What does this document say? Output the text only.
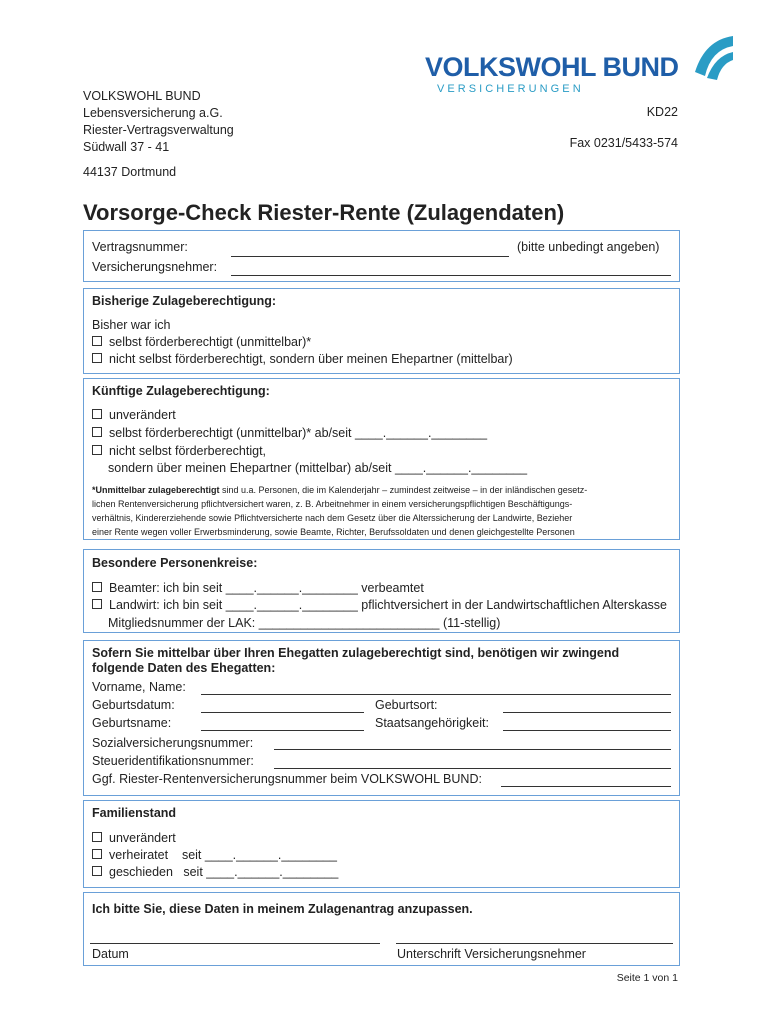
VOLKSWOHL BUND
V E R S I C H E R U N G E N
VOLKSWOHL BUND
Lebensversicherung a.G.
Riester-Vertragsverwaltung
Südwall 37 - 41
44137 Dortmund
KD22
Fax 0231/5433-574
Vorsorge-Check Riester-Rente (Zulagendaten)
Vertragsnummer:	(bitte unbedingt angeben)
Versicherungsnehmer:
Bisherige Zulageberechtigung:
Bisher war ich
selbst förderberechtigt (unmittelbar)*
nicht selbst förderberechtigt, sondern über meinen Ehepartner (mittelbar)
Künftige Zulageberechtigung:
unverändert
selbst förderberechtigt (unmittelbar)* ab/seit ____.______.________
nicht selbst förderberechtigt,
sondern über meinen Ehepartner (mittelbar) ab/seit ____.______.________
*Unmittelbar zulageberechtigt sind u.a. Personen, die im Kalenderjahr – zumindest zeitweise – in der inländischen gesetz-
lichen Rentenversicherung pflichtversichert waren, z. B. Arbeitnehmer in einem versicherungspflichtigen Beschäftigungs-
verhältnis, Kindererziehende sowie Pflichtversicherte nach dem Gesetz über die Alterssicherung der Landwirte, Bezieher
einer Rente wegen voller Erwerbsminderung, sowie Beamte, Richter, Berufssoldaten und denen gleichgestellte Personen
Besondere Personenkreise:
Beamter: ich bin seit ____.______.________ verbeamtet
Landwirt: ich bin seit ____.______.________ pflichtversichert in der Landwirtschaftlichen Alterskasse
Mitgliedsnummer der LAK: __________________________ (11-stellig)
Sofern Sie mittelbar über Ihren Ehegatten zulageberechtigt sind, benötigen wir zwingend
folgende Daten des Ehegatten:
Vorname, Name:
Geburtsdatum:	Geburtsort:
Geburtsname:	Staatsangehörigkeit:
Sozialversicherungsnummer:
Steueridentifikationsnummer:
Ggf. Riester-Rentenversicherungsnummer beim VOLKSWOHL BUND:
Familienstand
unverändert
verheiratet    seit ____.______.________
geschieden   seit ____.______.________
Ich bitte Sie, diese Daten in meinem Zulagenantrag anzupassen.
Datum	Unterschrift Versicherungsnehmer
Seite 1 von 1
